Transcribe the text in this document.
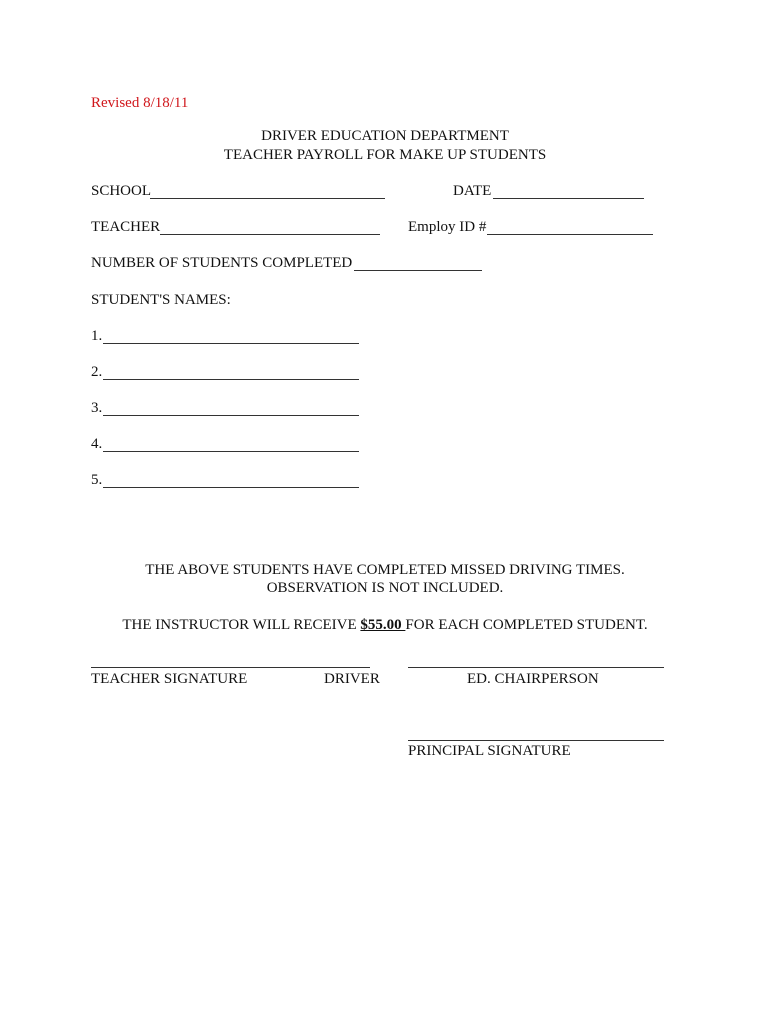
Revised 8/18/11
DRIVER EDUCATION DEPARTMENT
TEACHER PAYROLL FOR MAKE UP STUDENTS
SCHOOL	DATE
TEACHER	Employ ID #
NUMBER OF STUDENTS COMPLETED
STUDENT'S NAMES:
1.
2.
3.
4.
5.
THE ABOVE STUDENTS HAVE COMPLETED MISSED DRIVING TIMES.
OBSERVATION IS NOT INCLUDED.
THE INSTRUCTOR WILL RECEIVE $55.00 FOR EACH COMPLETED STUDENT.
TEACHER SIGNATURE	DRIVER	ED. CHAIRPERSON
PRINCIPAL SIGNATURE
